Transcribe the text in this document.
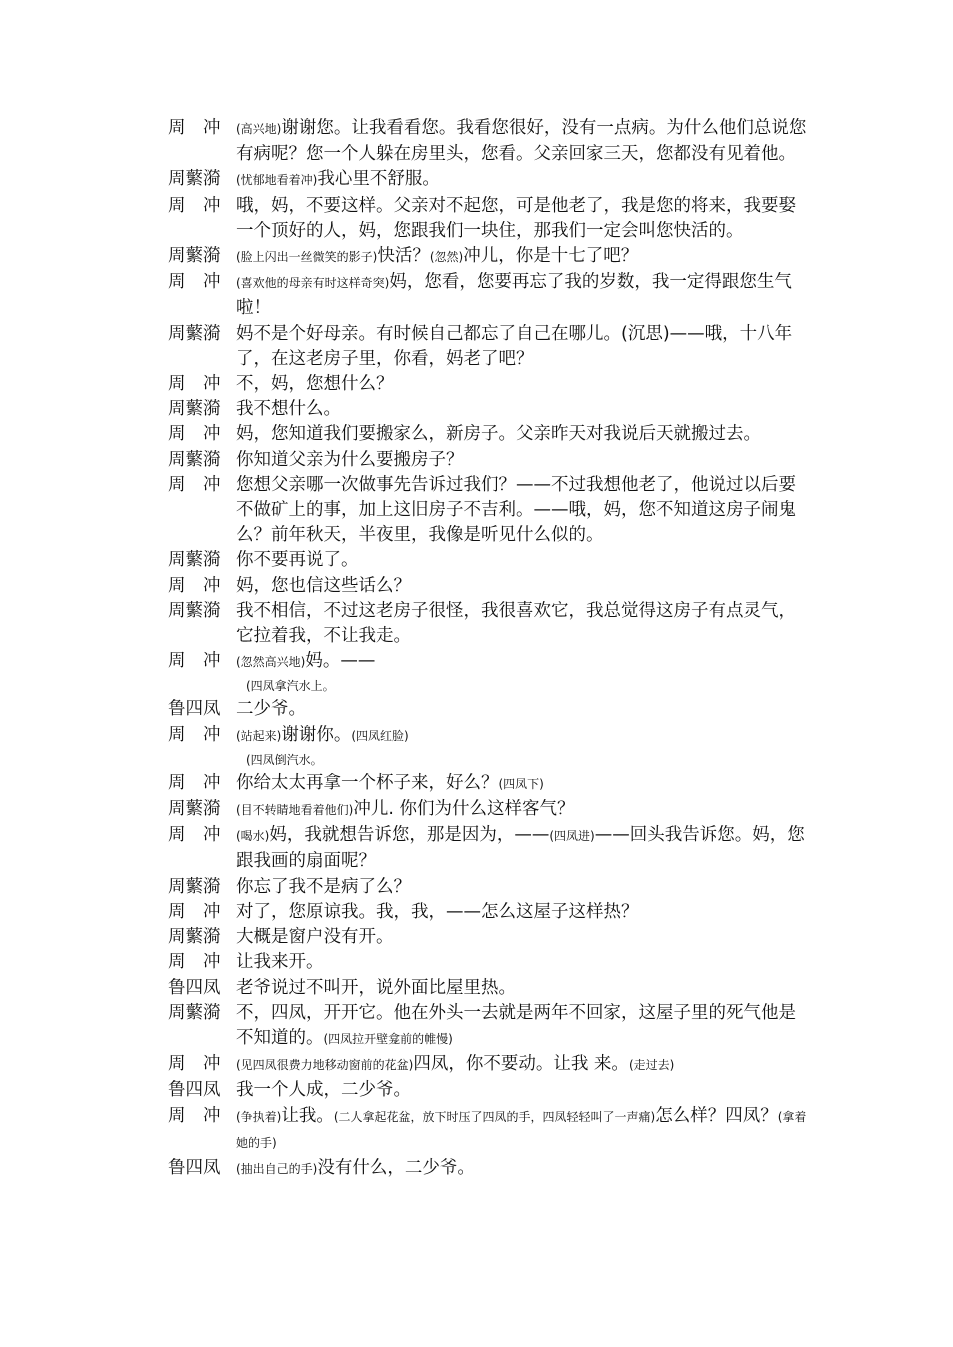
周　冲	(高兴地)谢谢您。让我看看您。我看您很好，没有一点病。为什么他们总说您有病呢？您一个人躲在房里头，您看。父亲回家三天，您都没有见着他。
周蘩漪	(忧郁地看着冲)我心里不舒服。
周　冲 哦，妈，不要这样。父亲对不起您，可是他老了，我是您的将来，我要娶一个顶好的人，妈，您跟我们一块住，那我们一定会叫您快活的。
周蘩漪	(脸上闪出一丝微笑的影子)快活？(忽然)冲儿，你是十七了吧？
周　冲	(喜欢他的母亲有时这样奇突)妈，您看，您要再忘了我的岁数，我一定得跟您生气啦！
周蘩漪 妈不是个好母亲。有时候自己都忘了自己在哪儿。(沉思)——哦，十八年了，在这老房子里，你看，妈老了吧？
周　冲 不，妈，您想什么？
周蘩漪 我不想什么。
周　冲 妈，您知道我们要搬家么，新房子。父亲昨天对我说后天就搬过去。
周蘩漪 你知道父亲为什么要搬房子？
周　冲 您想父亲哪一次做事先告诉过我们？——不过我想他老了，他说过以后要不做矿上的事，加上这旧房子不吉利。——哦，妈，您不知道这房子闹鬼么？前年秋天，半夜里，我像是听见什么似的。
周蘩漪 你不要再说了。
周　冲 妈，您也信这些话么？
周蘩漪 我不相信，不过这老房子很怪，我很喜欢它，我总觉得这房子有点灵气，它拉着我，不让我走。
周　冲	(忽然高兴地)妈。——
(四凤拿汽水上。
鲁四凤 二少爷。
周　冲	(站起来)谢谢你。(四凤红脸)
(四凤倒汽水。
周　冲 你给太太再拿一个杯子来，好么？(四凤下)
周蘩漪	(目不转睛地看着他们)冲儿. 你们为什么这样客气？
周　冲	(喝水)妈，我就想告诉您，那是因为，——(四凤进)——回头我告诉您。妈，您跟我画的扇面呢？
周蘩漪 你忘了我不是病了么？
周　冲 对了，您原谅我。我，我，——怎么这屋子这样热？
周蘩漪 大概是窗户没有开。
周　冲 让我来开。
鲁四凤 老爷说过不叫开，说外面比屋里热。
周蘩漪 不，四凤，开开它。他在外头一去就是两年不回家，这屋子里的死气他是不知道的。(四凤拉开壁龛前的帷慢)
周　冲	(见四凤很费力地移动窗前的花盆)四凤，你不要动。让我 来。(走过去)
鲁四凤 我一个人成，二少爷。
周　冲	(争执着)让我。(二人拿起花盆，放下时压了四凤的手，四凤轻轻叫了一声痛)怎么样？四凤？(拿着她的手)
鲁四凤	(抽出自己的手)没有什么，二少爷。
